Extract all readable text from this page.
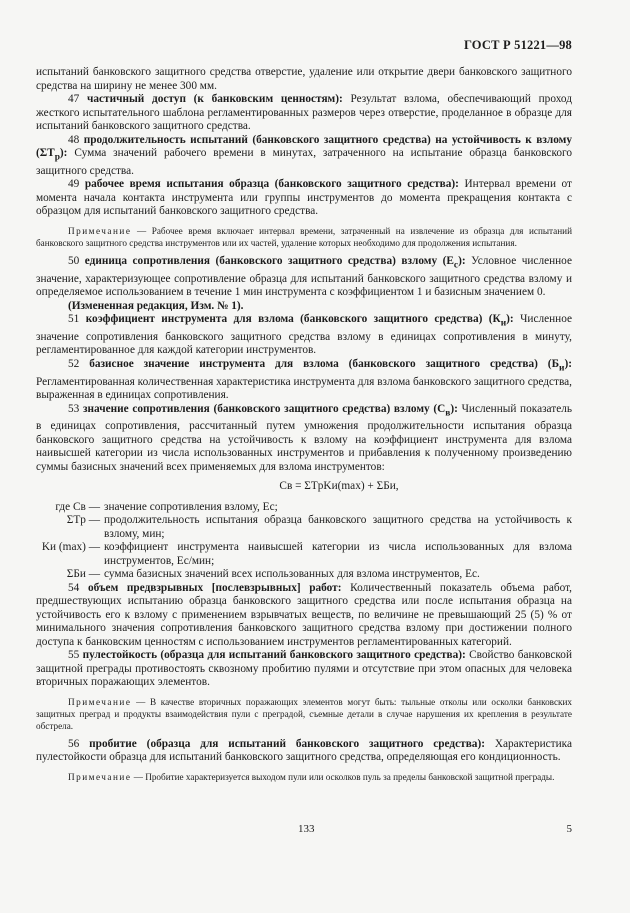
ГОСТ Р 51221—98

испытаний банковского защитного средства отверстие, удаление или открытие двери банковского защитного средства на ширину не менее 300 мм.

47 частичный доступ (к банковским ценностям): Результат взлома, обеспечивающий проход жесткого испытательного шаблона регламентированных размеров через отверстие, проделанное в образце для испытаний банковского защитного средства.

48 продолжительность испытаний (банковского защитного средства) на устойчивость к взлому $(\Sigma T_р)$: Сумма значений рабочего времени в минутах, затраченного на испытание образца банковского защитного средства.

49 рабочее время испытания образца (банковского защитного средства): Интервал времени от момента начала контакта инструмента или группы инструментов до момента прекращения контакта с образцом для испытаний банковского защитного средства.

Примечание — Рабочее время включает интервал времени, затраченный на извлечение из образца для испытаний банковского защитного средства инструментов или их частей, удаление которых необходимо для продолжения испытания.

50 единица сопротивления (банковского защитного средства) взлому $(Е_с)$: Условное численное значение, характеризующее сопротивление образца для испытаний банковского защитного средства взлому и определяемое использованием в течение 1 мин инструмента с коэффициентом 1 и базисным значением 0.

(Измененная редакция, Изм. № 1).

51 коэффициент инструмента для взлома (банковского защитного средства) $(К_и)$: Численное значение сопротивления банковского защитного средства взлому в единицах сопротивления в минуту, регламентированное для каждой категории инструментов.

52 базисное значение инструмента для взлома (банковского защитного средства) $(Б_и)$: Регламентированная количественная характеристика инструмента для взлома банковского защитного средства, выраженная в единицах сопротивления.

53 значение сопротивления (банковского защитного средства) взлому $(С_в)$: Численный показатель в единицах сопротивления, рассчитанный путем умножения продолжительности испытания образца банковского защитного средства на устойчивость к взлому на коэффициент инструмента для взлома наивысшей категории из числа использованных инструментов и прибавления к полученному произведению суммы базисных значений всех применяемых для взлома инструментов:

Св = ΣTрKи(max) + ΣБи,

где Св —	значение сопротивления взлому, Ес;
ΣTр —	продолжительность испытания образца банковского защитного средства на устойчивость к взлому, мин;
Kи (max) —	коэффициент инструмента наивысшей категории из числа использованных для взлома инструментов, Ес/мин;
ΣБи —	сумма базисных значений всех использованных для взлома инструментов, Ес.

54 объем предвзрывных [послевзрывных] работ: Количественный показатель объема работ, предшествующих испытанию образца банковского защитного средства или после испытания образца на устойчивость его к взлому с применением взрывчатых веществ, по величине не превышающий 25 (5) % от минимального значения сопротивления банковского защитного средства взлому при достижении полного доступа к банковским ценностям с использованием инструментов регламентированных категорий.

55 пулестойкость (образца для испытаний банковского защитного средства): Свойство банковской защитной преграды противостоять сквозному пробитию пулями и отсутствие при этом опасных для человека вторичных поражающих элементов.

Примечание — В качестве вторичных поражающих элементов могут быть: тыльные отколы или осколки банковских защитных преград и продукты взаимодействия пули с преградой, съемные детали в случае нарушения их крепления в результате обстрела.

56 пробитие (образца для испытаний банковского защитного средства): Характеристика пулестойкости образца для испытаний банковского защитного средства, определяющая его кондиционность.

Примечание — Пробитие характеризуется выходом пули или осколков пуль за пределы банковской защитной преграды.

133	5
